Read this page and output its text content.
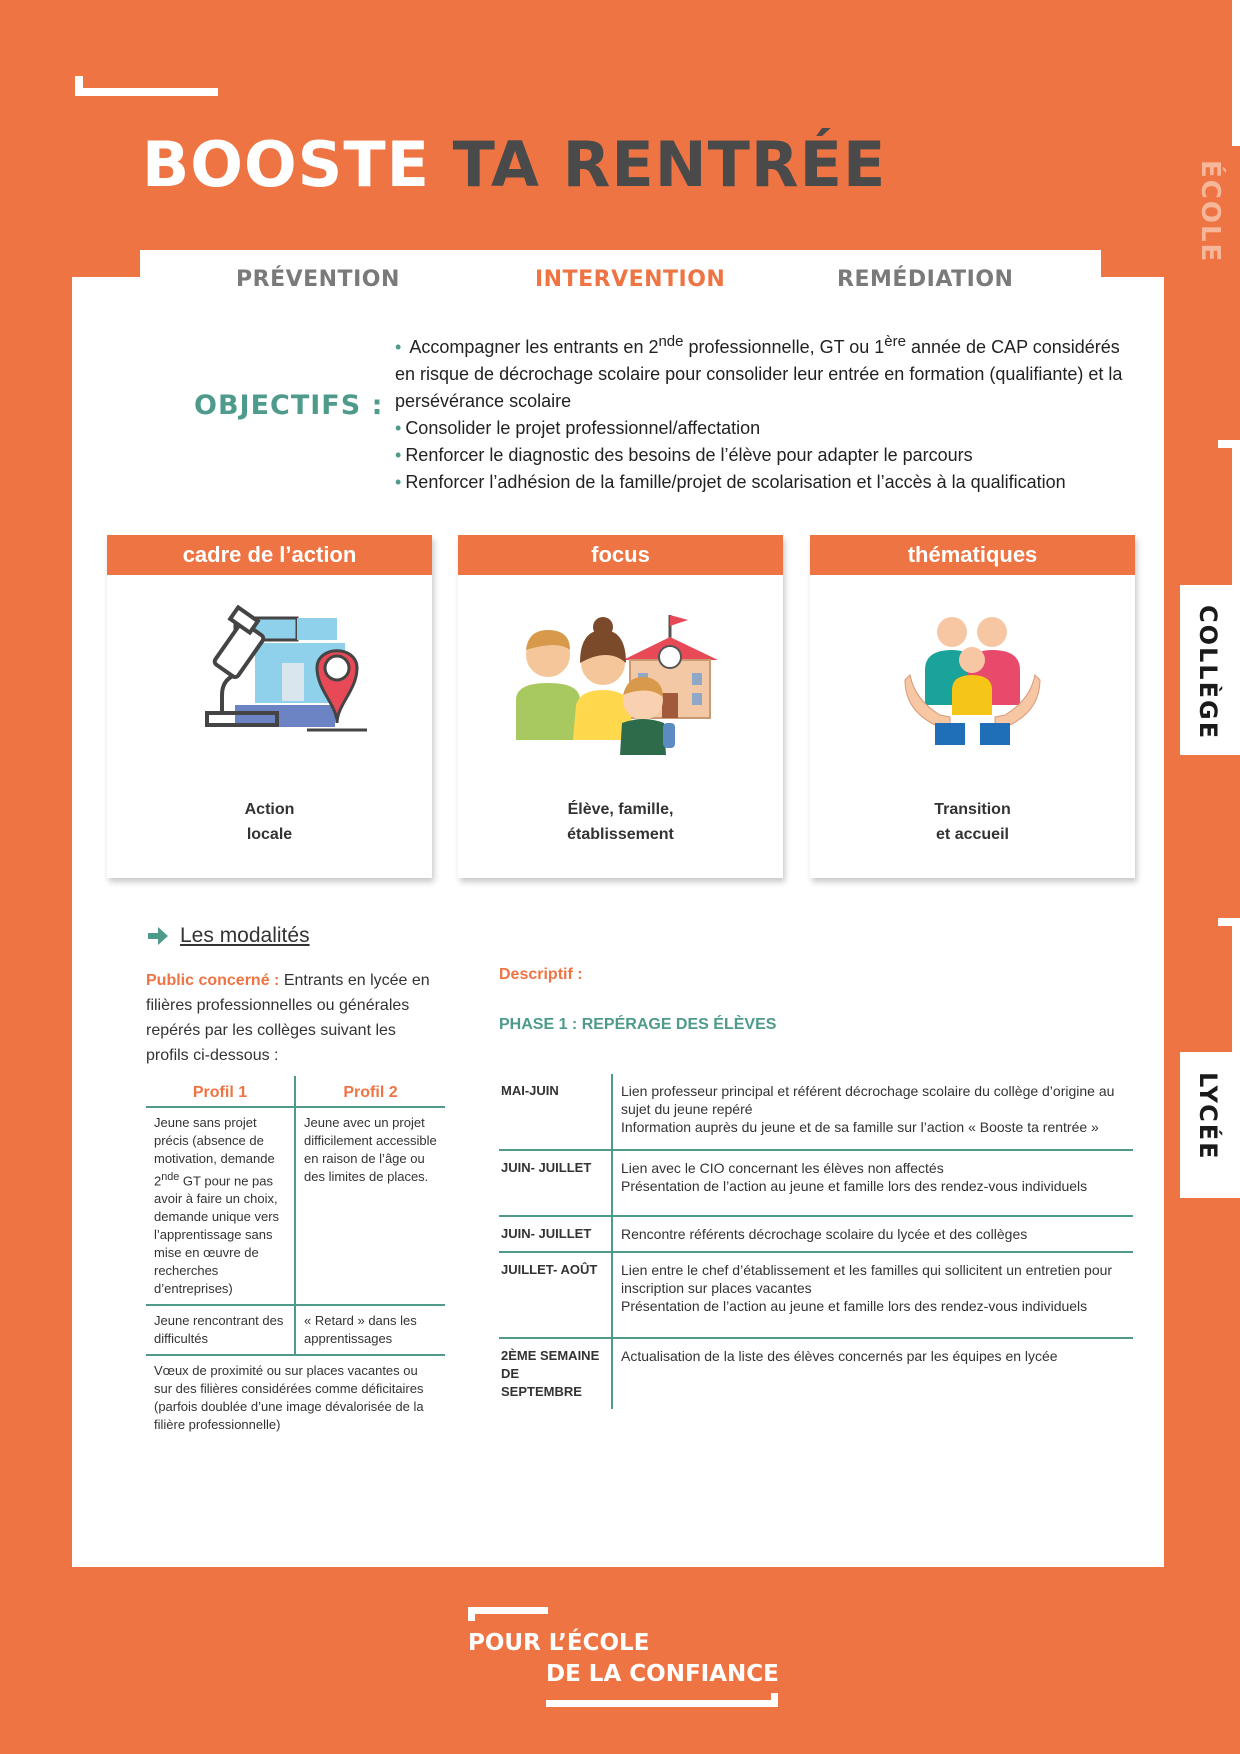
BOOSTE TA RENTRÉE	ÉCOLE
COLLÈGE
LYCÉE
PRÉVENTION	INTERVENTION	REMÉDIATION
OBJECTIFS :
• Accompagner les entrants en 2nde professionnelle, GT ou 1ère année de CAP considérés en risque de décrochage scolaire pour consolider leur entrée en formation (qualifiante) et la persévérance scolaire
• Consolider le projet professionnel/affectation
• Renforcer le diagnostic des besoins de l’élève pour adapter le parcours
• Renforcer l’adhésion de la famille/projet de scolarisation et l’accès à la qualification
cadre de l’action
Action
locale
focus
Élève, famille,
établissement
thématiques
Transition
et accueil
Les modalités
Public concerné : Entrants en lycée en filières professionnelles ou générales repérés par les collèges suivant les profils ci-dessous :
Profil 1	Profil 2
Jeune sans projet précis (absence de motivation, demande 2nde GT pour ne pas avoir à faire un choix, demande unique vers l’apprentissage sans mise en œuvre de recherches d’entreprises)	Jeune avec un projet difficilement accessible en raison de l’âge ou des limites de places.
Jeune rencontrant des difficultés	« Retard » dans les apprentissages
Vœux de proximité ou sur places vacantes ou sur des filières considérées comme déficitaires (parfois doublée d’une image dévalorisée de la filière professionnelle)	
Descriptif :
PHASE 1 : REPÉRAGE DES ÉLÈVES
MAI-JUIN	Lien professeur principal et référent décrochage scolaire du collège d’origine au sujet du jeune repéré
Information auprès du jeune et de sa famille sur l’action « Booste ta rentrée »

JUIN- JUILLET	Lien avec le CIO concernant les élèves non affectés
Présentation de l’action au jeune et famille lors des rendez-vous individuels

JUIN- JUILLET	Rencontre référents décrochage scolaire du lycée et des collèges
JUILLET- AOÛT	Lien entre le chef d’établissement et les familles qui sollicitent un entretien pour inscription sur places vacantes
Présentation de l’action au jeune et famille lors des rendez-vous individuels

2ÈME SEMAINE
DE SEPTEMBRE	Actualisation de la liste des élèves concernés par les équipes en lycée
POUR L’ÉCOLE
DE LA CONFIANCE
